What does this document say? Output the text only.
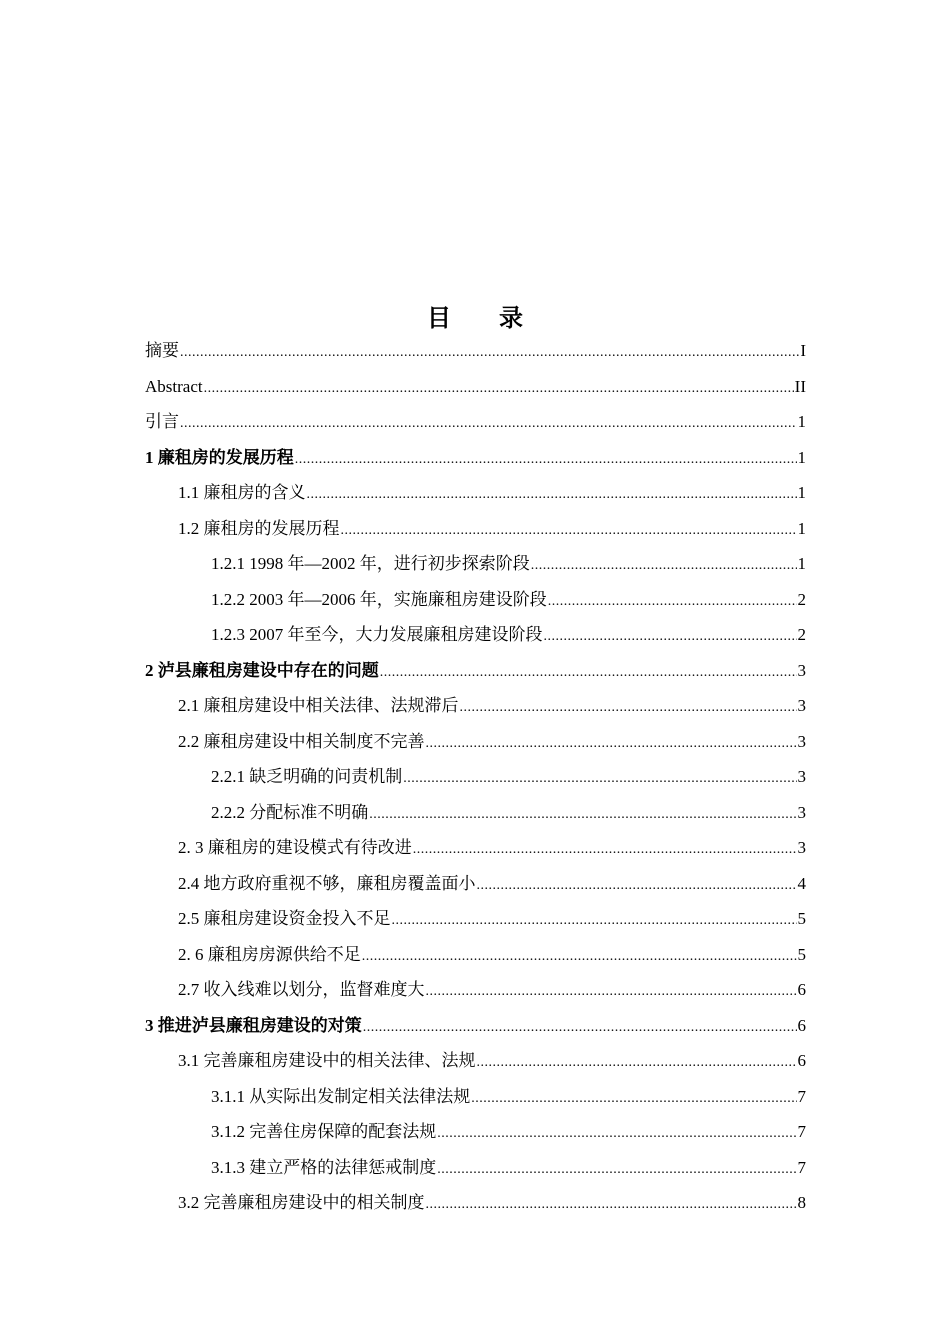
目 录
摘要 .....	I
Abstract .....	II
引言 .....	1
1 廉租房的发展历程 .....	1
1.1 廉租房的含义 .....	1
1.2 廉租房的发展历程 .....	1
1.2.1 1998 年—2002 年，进行初步探索阶段 .....	1
1.2.2 2003 年—2006 年，实施廉租房建设阶段 .....	2
1.2.3 2007 年至今，大力发展廉租房建设阶段 .....	2
2 泸县廉租房建设中存在的问题 .....	3
2.1 廉租房建设中相关法律、法规滞后 .....	3
2.2 廉租房建设中相关制度不完善 .....	3
2.2.1 缺乏明确的问责机制 .....	3
2.2.2 分配标准不明确 .....	3
2. 3 廉租房的建设模式有待改进 .....	3
2.4 地方政府重视不够，廉租房覆盖面小 .....	4
2.5 廉租房建设资金投入不足 .....	5
2. 6 廉租房房源供给不足 .....	5
2.7 收入线难以划分，监督难度大 .....	6
3 推进泸县廉租房建设的对策 .....	6
3.1 完善廉租房建设中的相关法律、法规 .....	6
3.1.1 从实际出发制定相关法律法规 .....	7
3.1.2 完善住房保障的配套法规 .....	7
3.1.3 建立严格的法律惩戒制度 .....	7
3.2 完善廉租房建设中的相关制度 .....	8
